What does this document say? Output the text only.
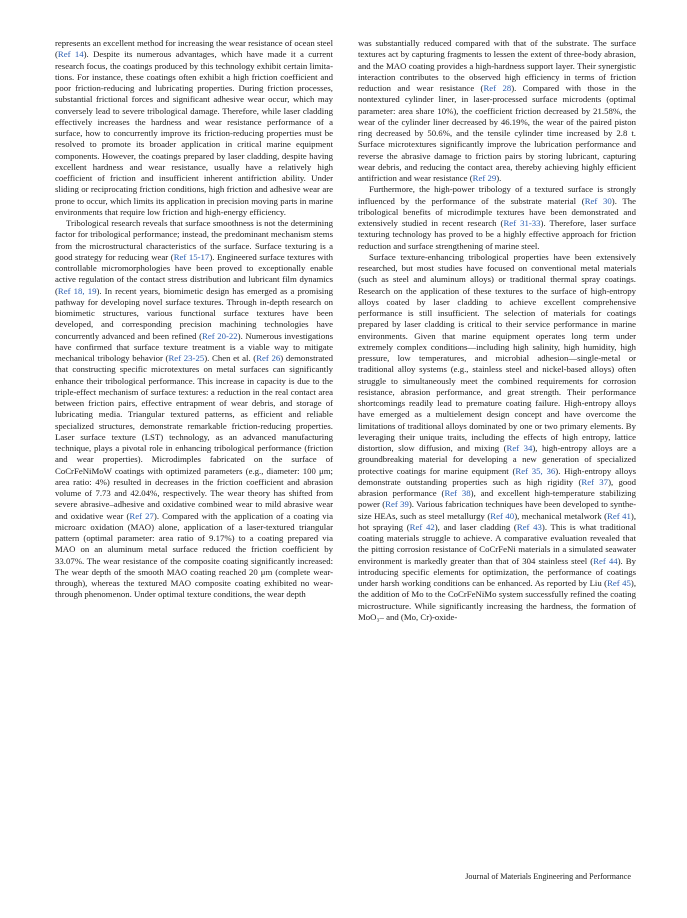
represents an excellent method for increasing the wear resistance of ocean steel (Ref 14). Despite its numerous advantages, which have made it a current research focus, the coatings produced by this technology exhibit certain limitations. For instance, these coatings often exhibit a high friction coefficient and poor friction-reducing and lubricating properties. During friction processes, substantial frictional forces and significant adhesive wear occur, which may conversely lead to severe tribological damage. Therefore, while laser cladding effectively increases the hardness and wear resistance performance of a surface, how to concurrently improve its friction-reducing properties must be resolved to promote its broader application in critical marine equipment components. However, the coatings prepared by laser cladding, despite having excellent hardness and wear resistance, usually have a relatively high coefficient of friction and insufficient inherent antifriction ability. Under sliding or reciprocating friction conditions, high friction and adhesive wear are prone to occur, which limits its application in precision moving parts in marine environments that require low friction and high-energy efficiency.

Tribological research reveals that surface smoothness is not the determining factor for tribological performance; instead, the predominant mechanism stems from the microstructural characteristics of the surface. Surface texturing is a good strategy for reducing wear (Ref 15-17). Engineered surface textures with controllable micromorphologies have been proved to exceptionally enable active regulation of the contact stress distribution and lubricant film dynamics (Ref 18, 19). In recent years, biomimetic design has emerged as a promising pathway for developing novel surface textures. Through in-depth research on biomimetic structures, various functional surface textures have been developed, and corresponding precision machining technologies have concurrently advanced and been refined (Ref 20-22). Numerous investigations have confirmed that surface texture treatment is a viable way to mitigate mechanical tribology behavior (Ref 23-25). Chen et al. (Ref 26) demonstrated that constructing specific microtextures on metal surfaces can significantly enhance their tribological performance. This increase in capacity is due to the triple-effect mechanism of surface textures: a reduction in the real contact area between friction pairs, effective entrapment of wear debris, and storage of lubricating media. Triangular textured patterns, as efficient and reliable specialized structures, demonstrate remarkable friction-reducing properties. Laser surface texture (LST) technology, as an advanced manufacturing technique, plays a pivotal role in enhancing tribological performance (friction and wear properties). Microdimples fabricated on the surface of CoCrFeNiMoW coatings with optimized parameters (e.g., diameter: 100 μm; area ratio: 4%) resulted in decreases in the friction coefficient and abrasion volume of 7.73 and 42.04%, respectively. The wear theory has shifted from severe abrasive–adhesive and oxidative combined wear to mild abrasive wear and oxidative wear (Ref 27). Compared with the application of a coating via microarc oxidation (MAO) alone, application of a laser-textured triangular pattern (optimal parameter: area ratio of 9.17%) to a coating prepared via MAO on an aluminum metal surface reduced the friction coefficient by 33.07%. The wear resistance of the composite coating significantly increased: The wear depth of the smooth MAO coating reached 20 μm (complete wear-through), whereas the textured MAO composite coating exhibited no wear-through phenomenon. Under optimal texture conditions, the wear depth

was substantially reduced compared with that of the substrate. The surface textures act by capturing fragments to lessen the extent of three-body abrasion, and the MAO coating provides a high-hardness support layer. Their synergistic interaction contributes to the observed high efficiency in terms of friction reduction and wear resistance (Ref 28). Compared with those in the nontextured cylinder liner, in laser-processed surface microdents (optimal parameter: area share 10%), the coefficient friction decreased by 21.58%, the wear of the cylinder liner decreased by 46.19%, the wear of the paired piston ring decreased by 50.6%, and the tensile cylinder time increased by 2.8 t. Surface microtextures significantly improve the lubrication performance and reverse the abrasive damage to friction pairs by storing lubricant, capturing wear debris, and reducing the contact area, thereby achieving highly efficient antifriction and wear resistance (Ref 29).

Furthermore, the high-power tribology of a textured surface is strongly influenced by the performance of the substrate material (Ref 30). The tribological benefits of microdimple textures have been demonstrated and extensively studied in recent research (Ref 31-33). Therefore, laser surface texturing technology has proved to be a highly effective approach for friction reduction and surface strengthening of marine steel.

Surface texture-enhancing tribological properties have been extensively researched, but most studies have focused on conventional metal materials (such as steel and aluminum alloys) or traditional thermal spray coatings. Research on the application of these textures to the surface of high-entropy alloys coated by laser cladding to achieve excellent comprehensive performance is still insufficient. The selection of materials for coatings prepared by laser cladding is critical to their service performance in marine environments. Given that marine equipment operates long term under extremely complex conditions—including high salinity, high humidity, high pressure, low temperatures, and microbial adhesion—single-metal or traditional alloy systems (e.g., stainless steel and nickel-based alloys) often struggle to simultaneously meet the combined requirements for corrosion resistance, abrasion performance, and great strength. Their performance shortcomings readily lead to premature coating failure. High-entropy alloys have emerged as a multielement design concept and have overcome the limitations of traditional alloys dominated by one or two primary elements. By leveraging their unique traits, including the effects of high entropy, lattice distortion, slow diffusion, and mixing (Ref 34), high-entropy alloys are a groundbreaking material for developing a new generation of specialized protective coatings for marine equipment (Ref 35, 36). High-entropy alloys demonstrate outstanding properties such as high rigidity (Ref 37), good abrasion performance (Ref 38), and excellent high-temperature stabilizing power (Ref 39). Various fabrication techniques have been developed to synthesize HEAs, such as steel metallurgy (Ref 40), mechanical metalwork (Ref 41), hot spraying (Ref 42), and laser cladding (Ref 43). This is what traditional coating materials struggle to achieve. A comparative evaluation revealed that the pitting corrosion resistance of CoCrFeNi materials in a simulated seawater environment is markedly greater than that of 304 stainless steel (Ref 44). By introducing specific elements for optimization, the performance of coatings under harsh working conditions can be enhanced. As reported by Liu (Ref 45), the addition of Mo to the CoCrFeNiMo system successfully refined the coating microstructure. While significantly increasing the hardness, the formation of MoO₃– and (Mo, Cr)-oxide-

Journal of Materials Engineering and Performance
